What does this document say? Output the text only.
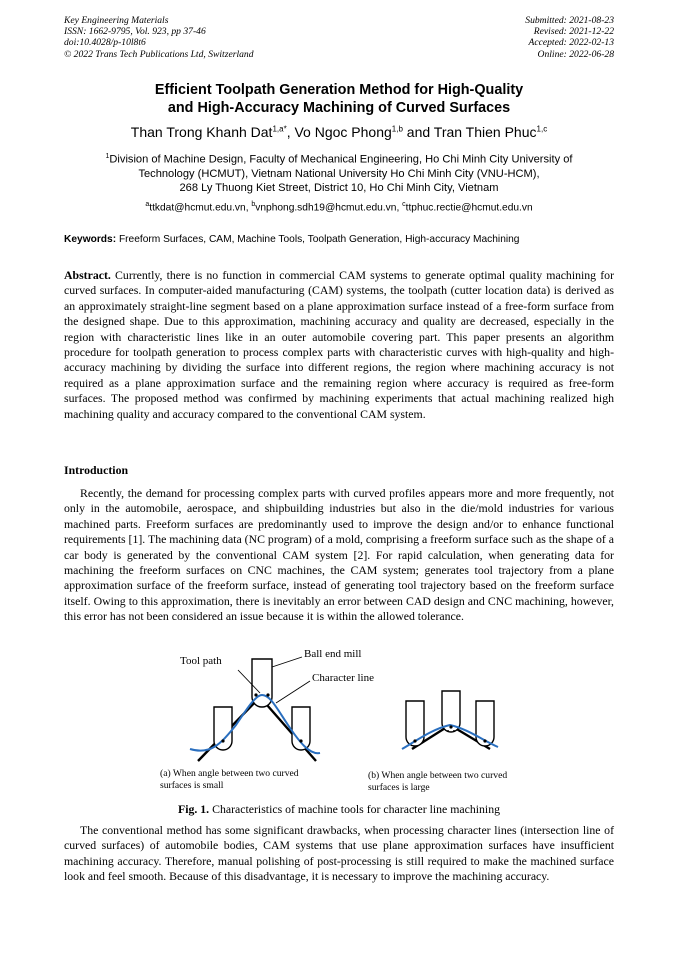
Key Engineering Materials
ISSN: 1662-9795, Vol. 923, pp 37-46
doi:10.4028/p-10l8t6
© 2022 Trans Tech Publications Ltd, Switzerland
Submitted: 2021-08-23
Revised: 2021-12-22
Accepted: 2022-02-13
Online: 2022-06-28
Efficient Toolpath Generation Method for High-Quality
and High-Accuracy Machining of Curved Surfaces
Than Trong Khanh Dat$^{1,a*}$, Vo Ngoc Phong$^{1,b}$ and Tran Thien Phuc$^{1,c}$
$^1$Division of Machine Design, Faculty of Mechanical Engineering, Ho Chi Minh City University of
Technology (HCMUT), Vietnam National University Ho Chi Minh City (VNU-HCM),
268 Ly Thuong Kiet Street, District 10, Ho Chi Minh City, Vietnam
$^a$ttkdat@hcmut.edu.vn, $^b$vnphong.sdh19@hcmut.edu.vn, $^c$ttphuc.rectie@hcmut.edu.vn
Keywords: Freeform Surfaces, CAM, Machine Tools, Toolpath Generation, High-accuracy Machining
Abstract. Currently, there is no function in commercial CAM systems to generate optimal quality machining for curved surfaces. In computer-aided manufacturing (CAM) systems, the toolpath (cutter location data) is derived as an approximately straight-line segment based on a plane approximation surface instead of a free-form surface from the designed shape. Due to this approximation, machining accuracy and quality are decreased, especially in the region with characteristic lines like in an outer automobile covering part. This paper presents an algorithm procedure for toolpath generation to process complex parts with characteristic curves with high-quality and high-accuracy machining by dividing the surface into different regions, the region where machining accuracy is not required as a plane approximation surface and the remaining region where accuracy is required as free-form surfaces. The proposed method was confirmed by machining experiments that actual machining realized high machining quality and accuracy compared to the conventional CAM system.
Introduction
Recently, the demand for processing complex parts with curved profiles appears more and more frequently, not only in the automobile, aerospace, and shipbuilding industries but also in the die/mold industries for various machined parts. Freeform surfaces are predominantly used to improve the design and/or to enhance functional requirements [1]. The machining data (NC program) of a mold, comprising a freeform surface such as the shape of a car body is generated by the conventional CAM system [2]. For rapid calculation, when generating data for machining the freeform surfaces on CNC machines, the CAM system; generates tool trajectory from a plane approximation surface of the freeform surface, instead of generating tool trajectory based on the freeform surface itself. Owing to this approximation, there is inevitably an error between CAD design and CNC machining, however, this error has not been considered an issue because it is within the allowed tolerance.
Tool path
Ball end mill
Character line
(a) When angle between two curved
surfaces is small
(b) When angle between two curved
surfaces is large
Fig. 1. Characteristics of machine tools for character line machining
The conventional method has some significant drawbacks, when processing character lines (intersection line of curved surfaces) of automobile bodies, CAM systems that use plane approximation surfaces have insufficient machining accuracy. Therefore, manual polishing of post-processing is still required to make the machined surface look and feel smooth. Because of this disadvantage, it is necessary to improve the machining accuracy.
